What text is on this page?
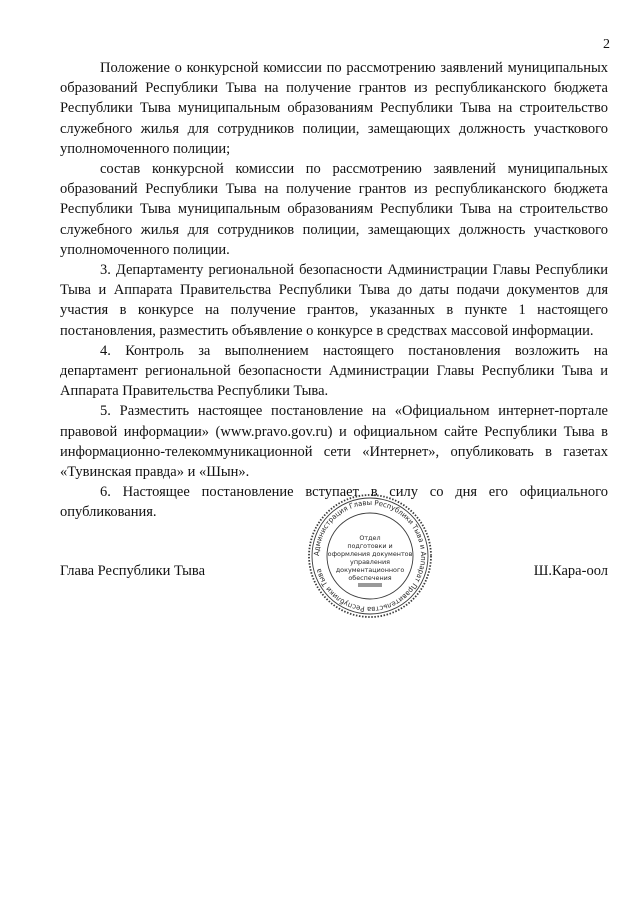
2

Положение о конкурсной комиссии по рассмотрению заявлений муниципальных образований Республики Тыва на получение грантов из республиканского бюджета Республики Тыва муниципальным образованиям Республики Тыва на строительство служебного жилья для сотрудников полиции, замещающих должность участкового уполномоченного полиции;

состав конкурсной комиссии по рассмотрению заявлений муниципальных образований Республики Тыва на получение грантов из республиканского бюджета Республики Тыва муниципальным образованиям Республики Тыва на строительство служебного жилья для сотрудников полиции, замещающих должность участкового уполномоченного полиции.

3. Департаменту региональной безопасности Администрации Главы Республики Тыва и Аппарата Правительства Республики Тыва до даты подачи документов для участия в конкурсе на получение грантов, указанных в пункте 1 настоящего постановления, разместить объявление о конкурсе в средствах массовой информации.

4. Контроль за выполнением настоящего постановления возложить на департамент региональной безопасности Администрации Главы Республики Тыва и Аппарата Правительства Республики Тыва.

5. Разместить настоящее постановление на «Официальном интернет-портале правовой информации» (www.pravo.gov.ru) и официальном сайте Республики Тыва в информационно-телекоммуникационной сети «Интернет», опубликовать в газетах «Тувинская правда» и «Шын».

6. Настоящее постановление вступает в силу со дня его официального опубликования.

Глава Республики Тыва	Ш.Кара-оол
Администрация Главы Республики Тыва и Аппарат Правительства Республики Тыва
Отдел
подготовки и
оформления документов
управления
документационного
обеспечения
